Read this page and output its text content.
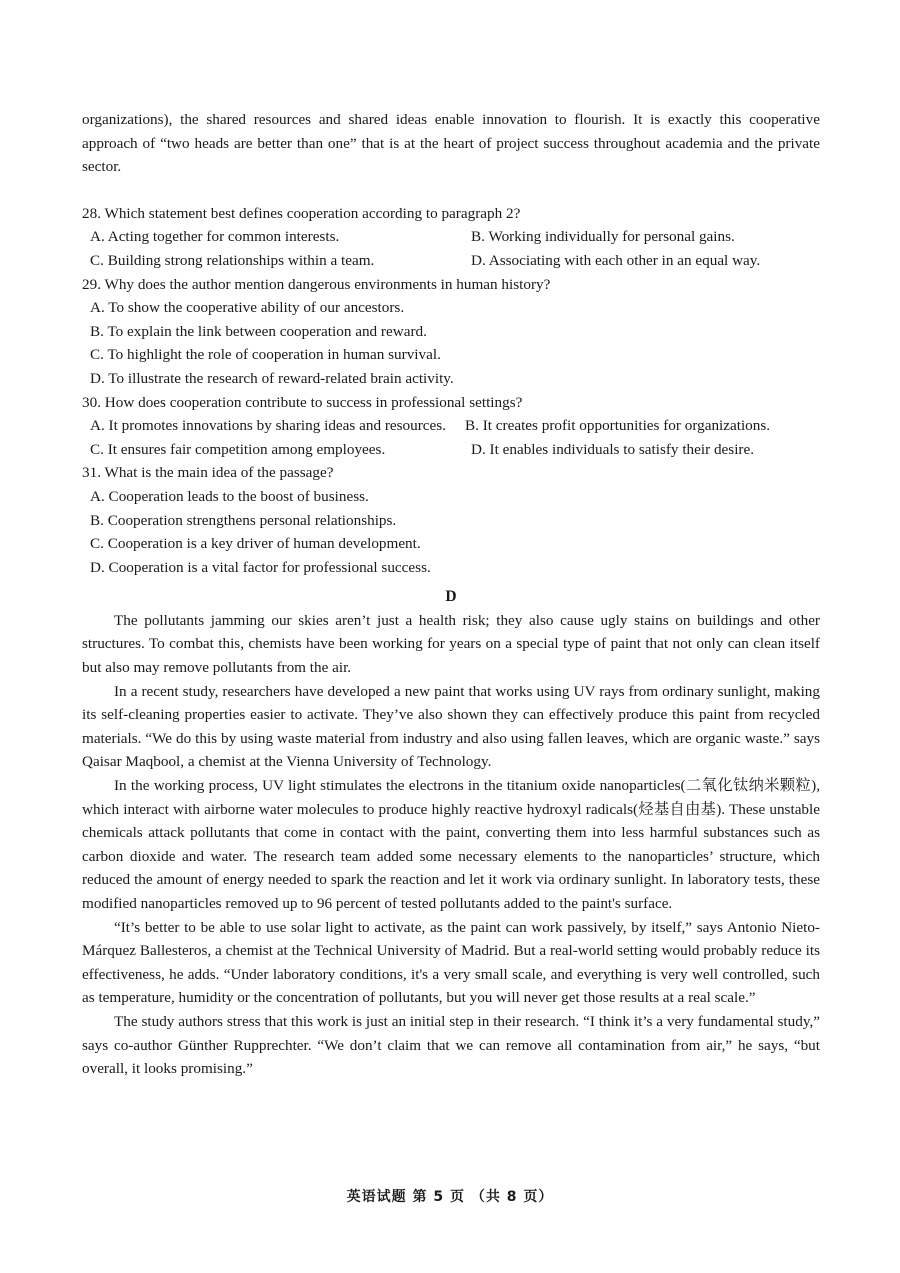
organizations), the shared resources and shared ideas enable innovation to flourish. It is exactly this cooperative approach of “two heads are better than one” that is at the heart of project success throughout academia and the private sector.

28. Which statement best defines cooperation according to paragraph 2?

A. Acting together for common interests.	B. Working individually for personal gains.
C. Building strong relationships within a team.	D. Associating with each other in an equal way.

29. Why does the author mention dangerous environments in human history?

A. To show the cooperative ability of our ancestors.

B. To explain the link between cooperation and reward.

C. To highlight the role of cooperation in human survival.

D. To illustrate the research of reward-related brain activity.

30. How does cooperation contribute to success in professional settings?

A. It promotes innovations by sharing ideas and resources.	B. It creates profit opportunities for organizations.
C. It ensures fair competition among employees.	D. It enables individuals to satisfy their desire.

31. What is the main idea of the passage?

A. Cooperation leads to the boost of business.

B. Cooperation strengthens personal relationships.

C. Cooperation is a key driver of human development.

D. Cooperation is a vital factor for professional success.

D

The pollutants jamming our skies aren’t just a health risk; they also cause ugly stains on buildings and other structures. To combat this, chemists have been working for years on a special type of paint that not only can clean itself but also may remove pollutants from the air.

In a recent study, researchers have developed a new paint that works using UV rays from ordinary sunlight, making its self-cleaning properties easier to activate. They’ve also shown they can effectively produce this paint from recycled materials. “We do this by using waste material from industry and also using fallen leaves, which are organic waste.” says Qaisar Maqbool, a chemist at the Vienna University of Technology.

In the working process, UV light stimulates the electrons in the titanium oxide nanoparticles(二氧化钛纳米颗粒), which interact with airborne water molecules to produce highly reactive hydroxyl radicals(烃基自由基). These unstable chemicals attack pollutants that come in contact with the paint, converting them into less harmful substances such as carbon dioxide and water. The research team added some necessary elements to the nanoparticles’ structure, which reduced the amount of energy needed to spark the reaction and let it work via ordinary sunlight. In laboratory tests, these modified nanoparticles removed up to 96 percent of tested pollutants added to the paint's surface.

“It’s better to be able to use solar light to activate, as the paint can work passively, by itself,” says Antonio Nieto-Márquez Ballesteros, a chemist at the Technical University of Madrid. But a real-world setting would probably reduce its effectiveness, he adds. “Under laboratory conditions, it's a very small scale, and everything is very well controlled, such as temperature, humidity or the concentration of pollutants, but you will never get those results at a real scale.”

The study authors stress that this work is just an initial step in their research. “I think it’s a very fundamental study,” says co-author Günther Rupprechter. “We don’t claim that we can remove all contamination from air,” he says, “but overall, it looks promising.”

英语试题 第 5 页 （共 8 页）
